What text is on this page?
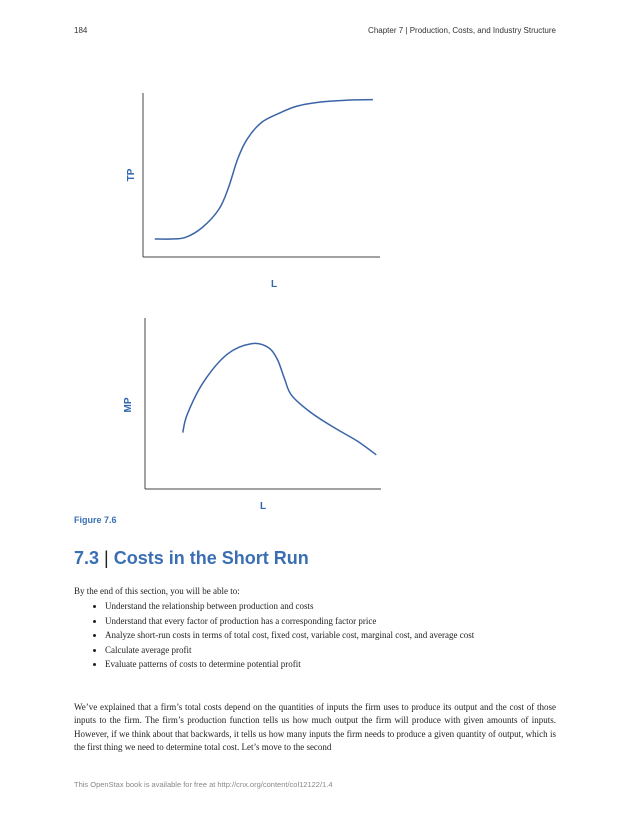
184	Chapter 7 | Production, Costs, and Industry Structure
TP
L
MP
L
Figure 7.6
7.3 | Costs in the Short Run
By the end of this section, you will be able to:
• Understand the relationship between production and costs
• Understand that every factor of production has a corresponding factor price
• Analyze short-run costs in terms of total cost, fixed cost, variable cost, marginal cost, and average cost
• Calculate average profit
• Evaluate patterns of costs to determine potential profit

We’ve explained that a firm’s total costs depend on the quantities of inputs the firm uses to produce its output and the cost of those inputs to the firm. The firm’s production function tells us how much output the firm will produce with given amounts of inputs. However, if we think about that backwards, it tells us how many inputs the firm needs to produce a given quantity of output, which is the first thing we need to determine total cost. Let’s move to the second

This OpenStax book is available for free at http://cnx.org/content/col12122/1.4
